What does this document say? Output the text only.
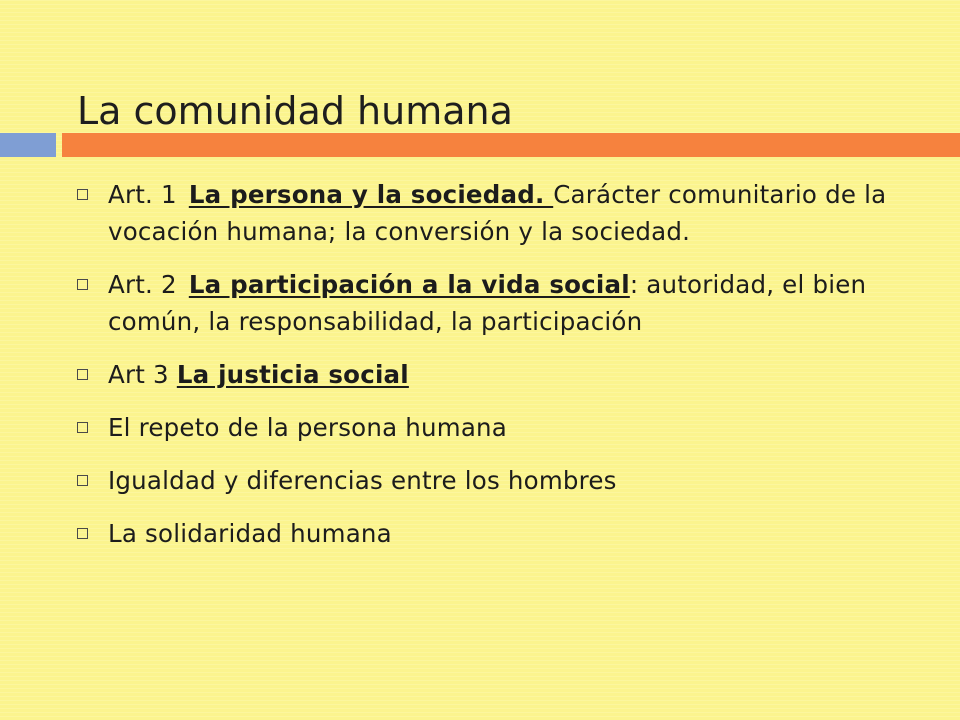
La comunidad humana
Art. 1 La persona y la sociedad. Carácter comunitario de la vocación humana; la conversión y la sociedad.
Art. 2 La participación a la vida social: autoridad, el bien común, la responsabilidad, la participación
Art 3 La justicia social
El repeto de la persona humana
Igualdad y diferencias entre los hombres
La solidaridad humana
